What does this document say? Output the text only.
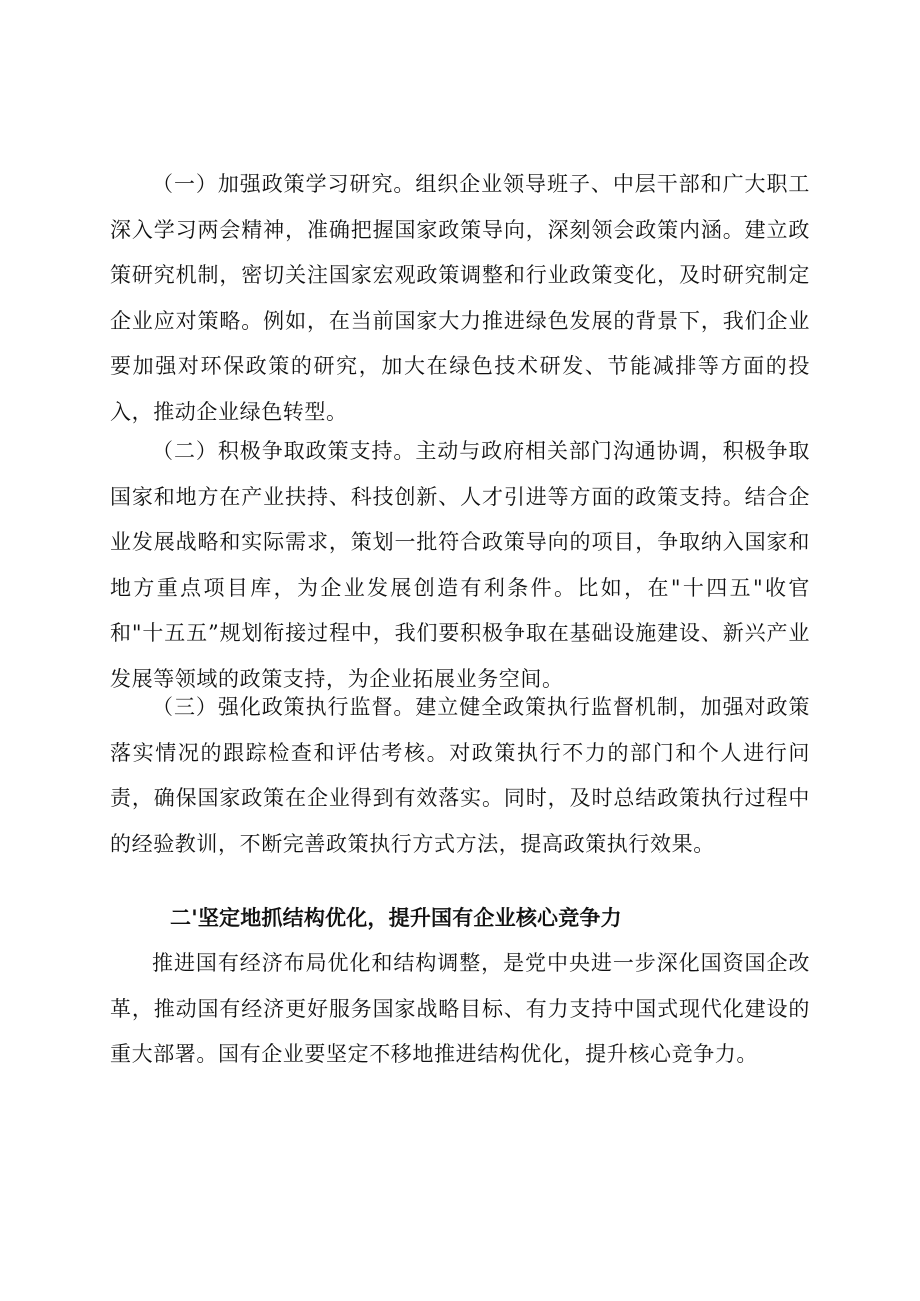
（一）加强政策学习研究。组织企业领导班子、中层干部和广大职工深入学习两会精神，准确把握国家政策导向，深刻领会政策内涵。建立政策研究机制，密切关注国家宏观政策调整和行业政策变化，及时研究制定企业应对策略。例如，在当前国家大力推进绿色发展的背景下，我们企业要加强对环保政策的研究，加大在绿色技术研发、节能减排等方面的投入，推动企业绿色转型。

（二）积极争取政策支持。主动与政府相关部门沟通协调，积极争取国家和地方在产业扶持、科技创新、人才引进等方面的政策支持。结合企业发展战略和实际需求，策划一批符合政策导向的项目，争取纳入国家和地方重点项目库，为企业发展创造有利条件。比如，在"十四五"收官和"十五五”规划衔接过程中，我们要积极争取在基础设施建设、新兴产业发展等领域的政策支持，为企业拓展业务空间。

（三）强化政策执行监督。建立健全政策执行监督机制，加强对政策落实情况的跟踪检查和评估考核。对政策执行不力的部门和个人进行问责，确保国家政策在企业得到有效落实。同时，及时总结政策执行过程中的经验教训，不断完善政策执行方式方法，提高政策执行效果。

二'坚定地抓结构优化，提升国有企业核心竞争力

推进国有经济布局优化和结构调整，是党中央进一步深化国资国企改革，推动国有经济更好服务国家战略目标、有力支持中国式现代化建设的重大部署。国有企业要坚定不移地推进结构优化，提升核心竞争力。
